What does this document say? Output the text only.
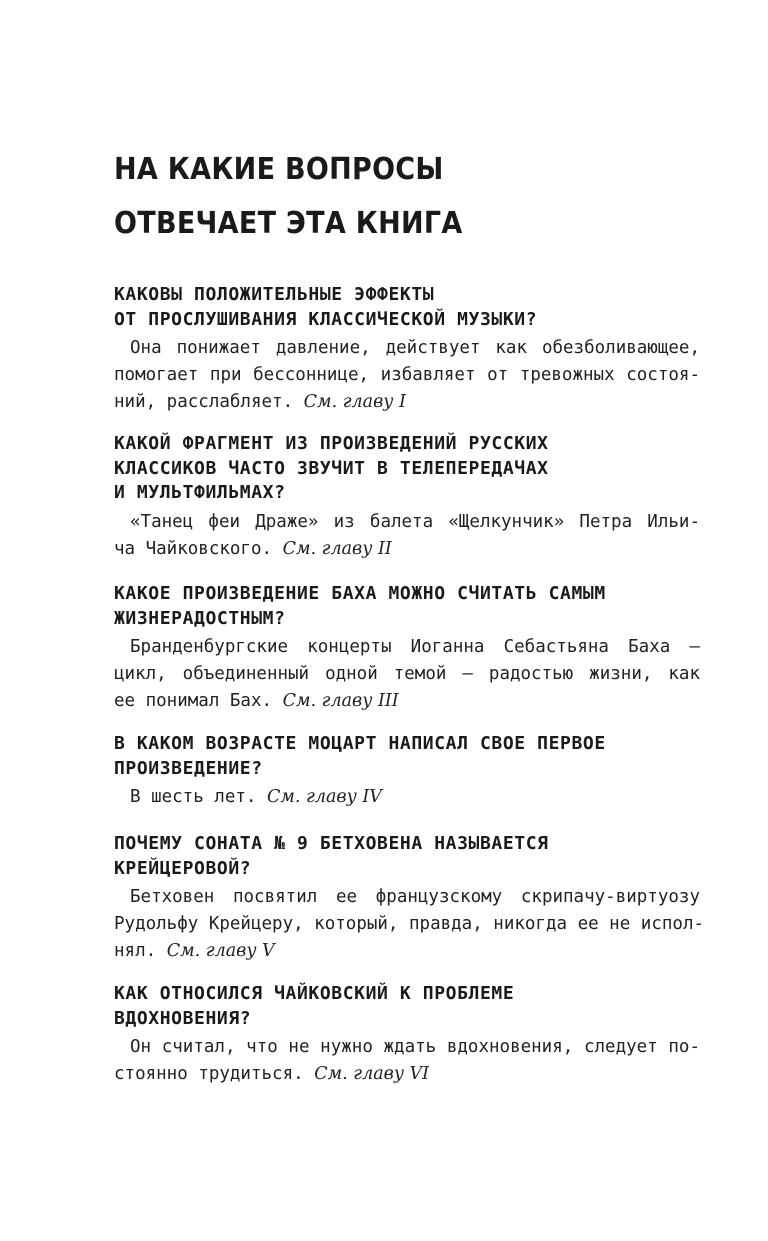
НА КАКИЕ ВОПРОСЫ
ОТВЕЧАЕТ ЭТА КНИГА
КАКОВЫ ПОЛОЖИТЕЛЬНЫЕ ЭФФЕКТЫ
ОТ ПРОСЛУШИВАНИЯ КЛАССИЧЕСКОЙ МУЗЫКИ?
Она понижает давление, действует как обезболивающее,
помогает при бессоннице, избавляет от тревожных состоя-
ний, расслабляет. См. главу I
КАКОЙ ФРАГМЕНТ ИЗ ПРОИЗВЕДЕНИЙ РУССКИХ
КЛАССИКОВ ЧАСТО ЗВУЧИТ В ТЕЛЕПЕРЕДАЧАХ
И МУЛЬТФИЛЬМАХ?
«Танец феи Драже» из балета «Щелкунчик» Петра Ильи-
ча Чайковского. См. главу II
КАКОЕ ПРОИЗВЕДЕНИЕ БАХА МОЖНО СЧИТАТЬ САМЫМ
ЖИЗНЕРАДОСТНЫМ?
Бранденбургские концерты Иоганна Себастьяна Баха —
цикл, объединенный одной темой — радостью жизни, как
ее понимал Бах. См. главу III
В КАКОМ ВОЗРАСТЕ МОЦАРТ НАПИСАЛ СВОЕ ПЕРВОЕ
ПРОИЗВЕДЕНИЕ?
В шесть лет. См. главу IV
ПОЧЕМУ СОНАТА № 9 БЕТХОВЕНА НАЗЫВАЕТСЯ
КРЕЙЦЕРОВОЙ?
Бетховен посвятил ее французскому скрипачу-виртуозу
Рудольфу Крейцеру, который, правда, никогда ее не испол-
нял. См. главу V
КАК ОТНОСИЛСЯ ЧАЙКОВСКИЙ К ПРОБЛЕМЕ
ВДОХНОВЕНИЯ?
Он считал, что не нужно ждать вдохновения, следует по-
стоянно трудиться. См. главу VI
